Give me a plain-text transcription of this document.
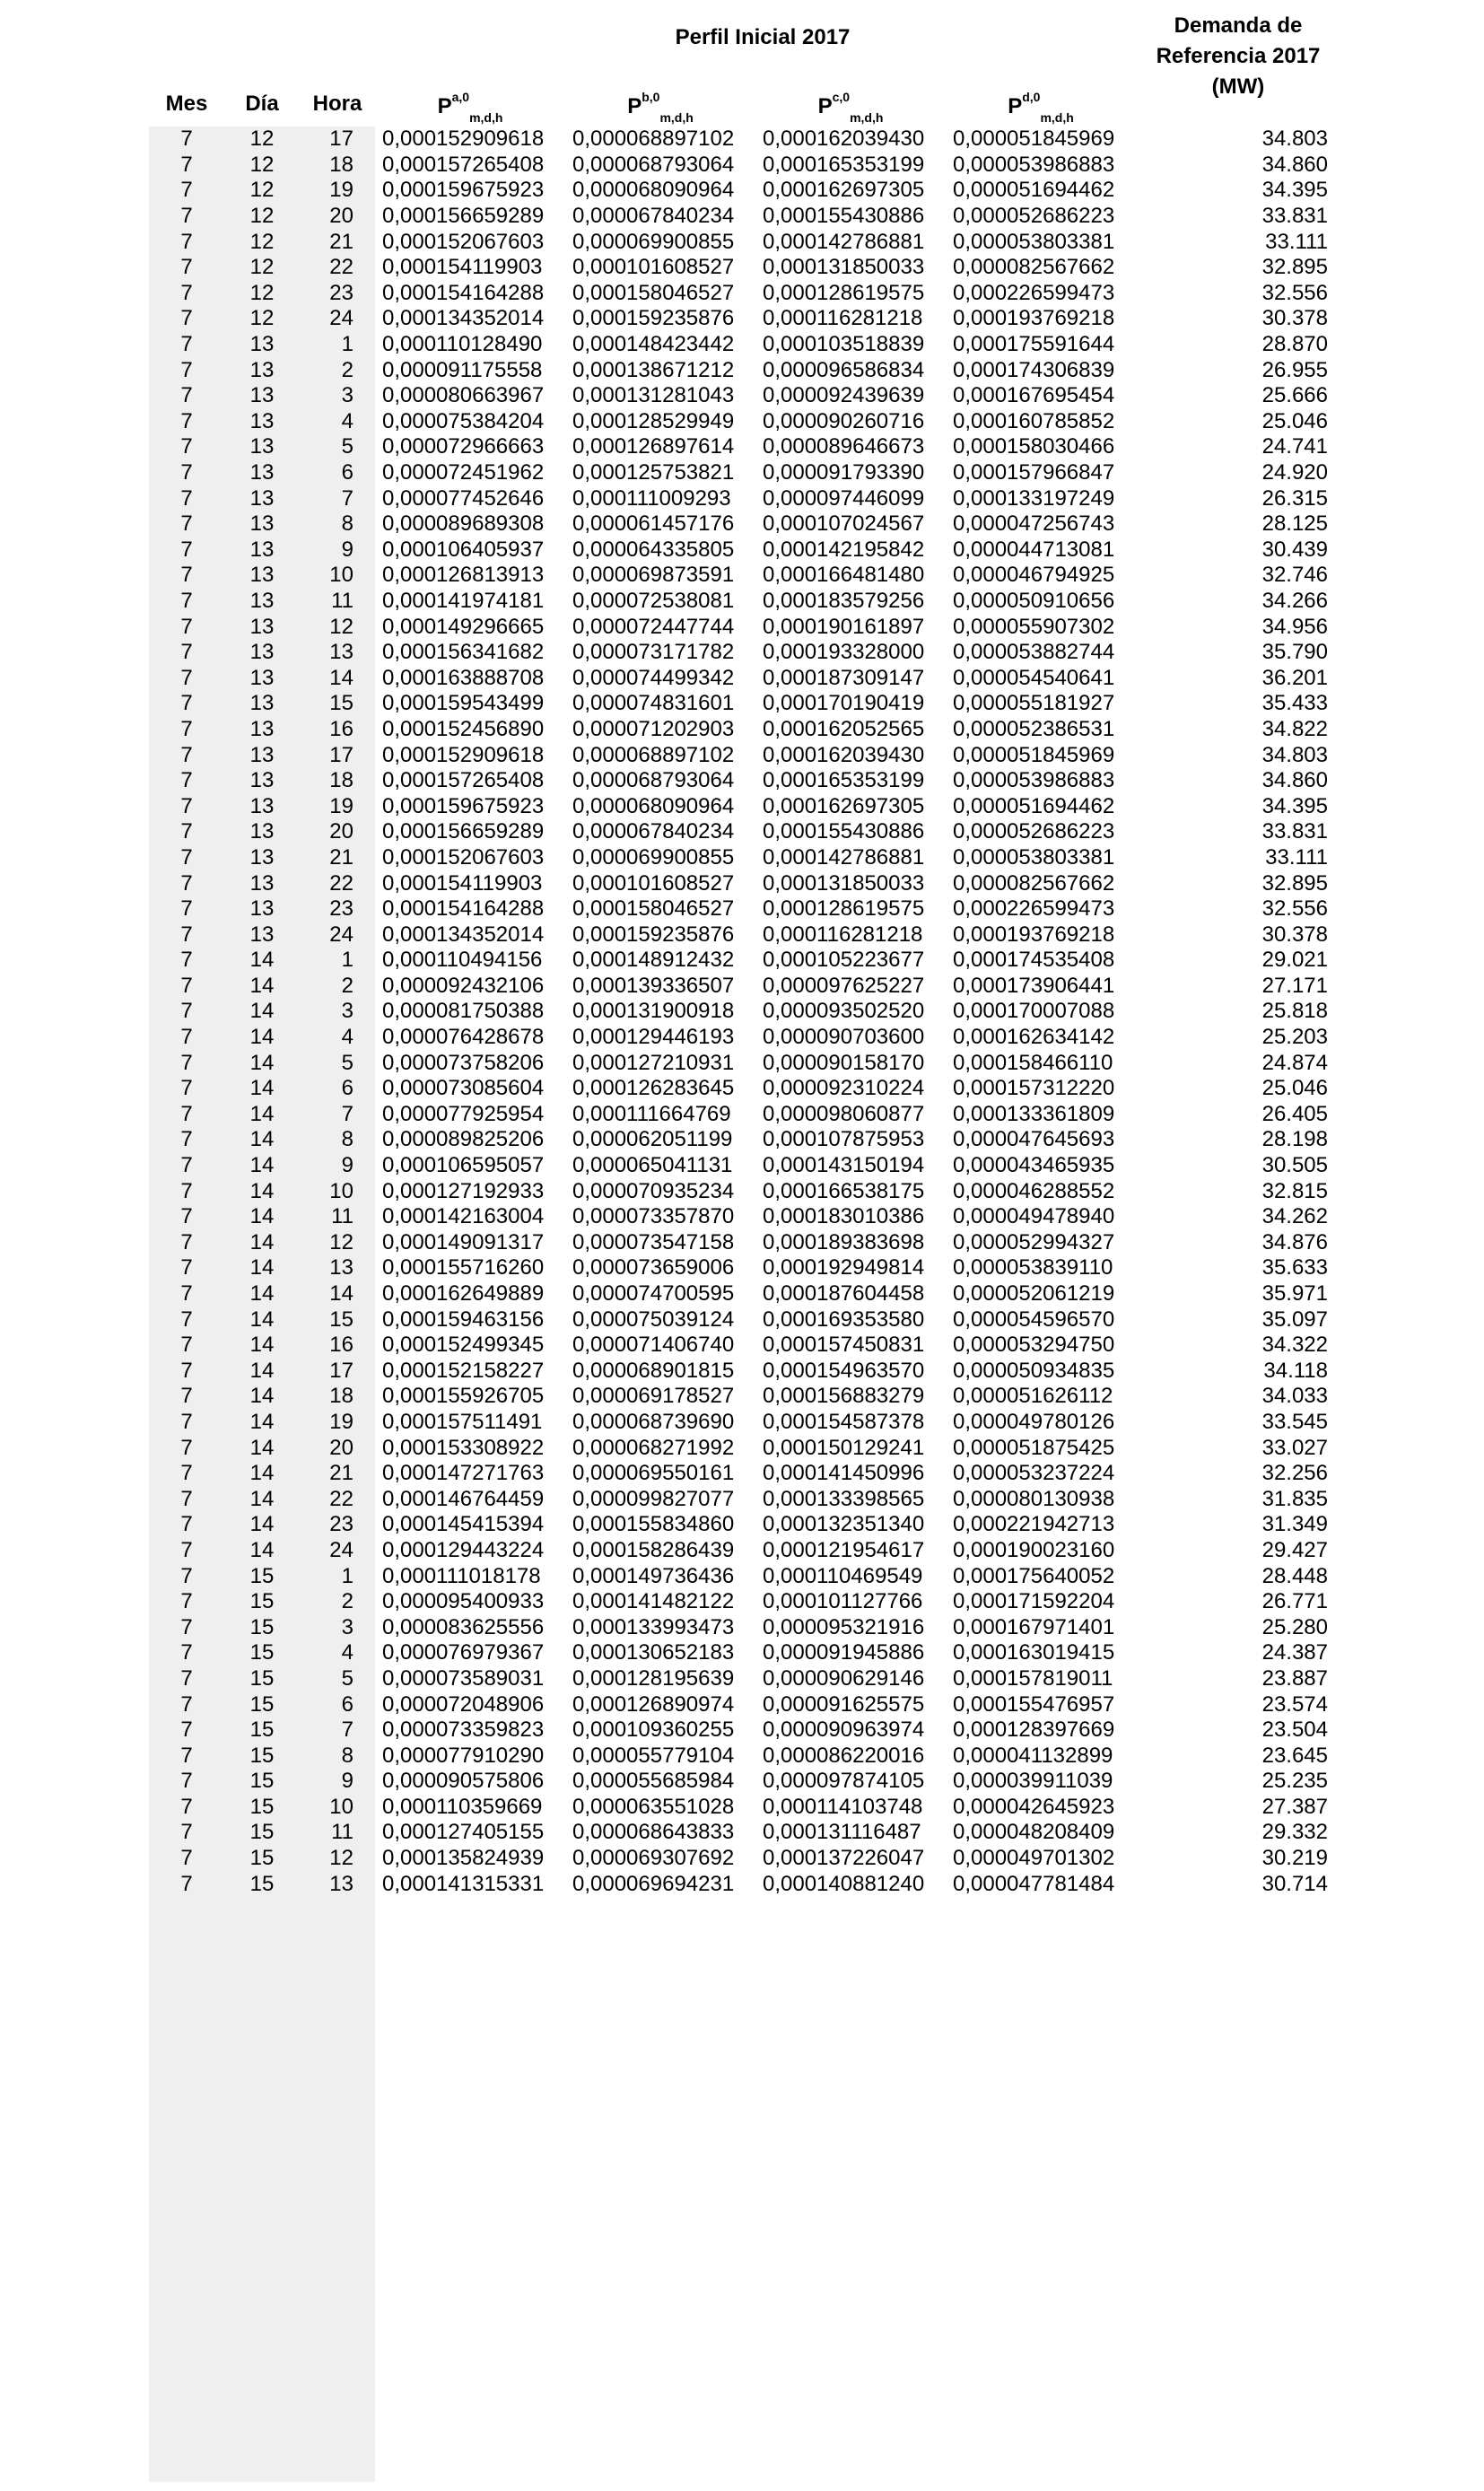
Perfil Inicial 2017	Demanda de
Referencia 2017
(MW)
Mes	Día	Hora	P$^{a,0}_{m,d,h}$	P$^{b,0}_{m,d,h}$	P$^{c,0}_{m,d,h}$	P$^{d,0}_{m,d,h}$
7	12	17	0,000152909618	0,000068897102	0,000162039430	0,000051845969	34.803
7	12	18	0,000157265408	0,000068793064	0,000165353199	0,000053986883	34.860
7	12	19	0,000159675923	0,000068090964	0,000162697305	0,000051694462	34.395
7	12	20	0,000156659289	0,000067840234	0,000155430886	0,000052686223	33.831
7	12	21	0,000152067603	0,000069900855	0,000142786881	0,000053803381	33.111
7	12	22	0,000154119903	0,000101608527	0,000131850033	0,000082567662	32.895
7	12	23	0,000154164288	0,000158046527	0,000128619575	0,000226599473	32.556
7	12	24	0,000134352014	0,000159235876	0,000116281218	0,000193769218	30.378
7	13	1	0,000110128490	0,000148423442	0,000103518839	0,000175591644	28.870
7	13	2	0,000091175558	0,000138671212	0,000096586834	0,000174306839	26.955
7	13	3	0,000080663967	0,000131281043	0,000092439639	0,000167695454	25.666
7	13	4	0,000075384204	0,000128529949	0,000090260716	0,000160785852	25.046
7	13	5	0,000072966663	0,000126897614	0,000089646673	0,000158030466	24.741
7	13	6	0,000072451962	0,000125753821	0,000091793390	0,000157966847	24.920
7	13	7	0,000077452646	0,000111009293	0,000097446099	0,000133197249	26.315
7	13	8	0,000089689308	0,000061457176	0,000107024567	0,000047256743	28.125
7	13	9	0,000106405937	0,000064335805	0,000142195842	0,000044713081	30.439
7	13	10	0,000126813913	0,000069873591	0,000166481480	0,000046794925	32.746
7	13	11	0,000141974181	0,000072538081	0,000183579256	0,000050910656	34.266
7	13	12	0,000149296665	0,000072447744	0,000190161897	0,000055907302	34.956
7	13	13	0,000156341682	0,000073171782	0,000193328000	0,000053882744	35.790
7	13	14	0,000163888708	0,000074499342	0,000187309147	0,000054540641	36.201
7	13	15	0,000159543499	0,000074831601	0,000170190419	0,000055181927	35.433
7	13	16	0,000152456890	0,000071202903	0,000162052565	0,000052386531	34.822
7	13	17	0,000152909618	0,000068897102	0,000162039430	0,000051845969	34.803
7	13	18	0,000157265408	0,000068793064	0,000165353199	0,000053986883	34.860
7	13	19	0,000159675923	0,000068090964	0,000162697305	0,000051694462	34.395
7	13	20	0,000156659289	0,000067840234	0,000155430886	0,000052686223	33.831
7	13	21	0,000152067603	0,000069900855	0,000142786881	0,000053803381	33.111
7	13	22	0,000154119903	0,000101608527	0,000131850033	0,000082567662	32.895
7	13	23	0,000154164288	0,000158046527	0,000128619575	0,000226599473	32.556
7	13	24	0,000134352014	0,000159235876	0,000116281218	0,000193769218	30.378
7	14	1	0,000110494156	0,000148912432	0,000105223677	0,000174535408	29.021
7	14	2	0,000092432106	0,000139336507	0,000097625227	0,000173906441	27.171
7	14	3	0,000081750388	0,000131900918	0,000093502520	0,000170007088	25.818
7	14	4	0,000076428678	0,000129446193	0,000090703600	0,000162634142	25.203
7	14	5	0,000073758206	0,000127210931	0,000090158170	0,000158466110	24.874
7	14	6	0,000073085604	0,000126283645	0,000092310224	0,000157312220	25.046
7	14	7	0,000077925954	0,000111664769	0,000098060877	0,000133361809	26.405
7	14	8	0,000089825206	0,000062051199	0,000107875953	0,000047645693	28.198
7	14	9	0,000106595057	0,000065041131	0,000143150194	0,000043465935	30.505
7	14	10	0,000127192933	0,000070935234	0,000166538175	0,000046288552	32.815
7	14	11	0,000142163004	0,000073357870	0,000183010386	0,000049478940	34.262
7	14	12	0,000149091317	0,000073547158	0,000189383698	0,000052994327	34.876
7	14	13	0,000155716260	0,000073659006	0,000192949814	0,000053839110	35.633
7	14	14	0,000162649889	0,000074700595	0,000187604458	0,000052061219	35.971
7	14	15	0,000159463156	0,000075039124	0,000169353580	0,000054596570	35.097
7	14	16	0,000152499345	0,000071406740	0,000157450831	0,000053294750	34.322
7	14	17	0,000152158227	0,000068901815	0,000154963570	0,000050934835	34.118
7	14	18	0,000155926705	0,000069178527	0,000156883279	0,000051626112	34.033
7	14	19	0,000157511491	0,000068739690	0,000154587378	0,000049780126	33.545
7	14	20	0,000153308922	0,000068271992	0,000150129241	0,000051875425	33.027
7	14	21	0,000147271763	0,000069550161	0,000141450996	0,000053237224	32.256
7	14	22	0,000146764459	0,000099827077	0,000133398565	0,000080130938	31.835
7	14	23	0,000145415394	0,000155834860	0,000132351340	0,000221942713	31.349
7	14	24	0,000129443224	0,000158286439	0,000121954617	0,000190023160	29.427
7	15	1	0,000111018178	0,000149736436	0,000110469549	0,000175640052	28.448
7	15	2	0,000095400933	0,000141482122	0,000101127766	0,000171592204	26.771
7	15	3	0,000083625556	0,000133993473	0,000095321916	0,000167971401	25.280
7	15	4	0,000076979367	0,000130652183	0,000091945886	0,000163019415	24.387
7	15	5	0,000073589031	0,000128195639	0,000090629146	0,000157819011	23.887
7	15	6	0,000072048906	0,000126890974	0,000091625575	0,000155476957	23.574
7	15	7	0,000073359823	0,000109360255	0,000090963974	0,000128397669	23.504
7	15	8	0,000077910290	0,000055779104	0,000086220016	0,000041132899	23.645
7	15	9	0,000090575806	0,000055685984	0,000097874105	0,000039911039	25.235
7	15	10	0,000110359669	0,000063551028	0,000114103748	0,000042645923	27.387
7	15	11	0,000127405155	0,000068643833	0,000131116487	0,000048208409	29.332
7	15	12	0,000135824939	0,000069307692	0,000137226047	0,000049701302	30.219
7	15	13	0,000141315331	0,000069694231	0,000140881240	0,000047781484	30.714
